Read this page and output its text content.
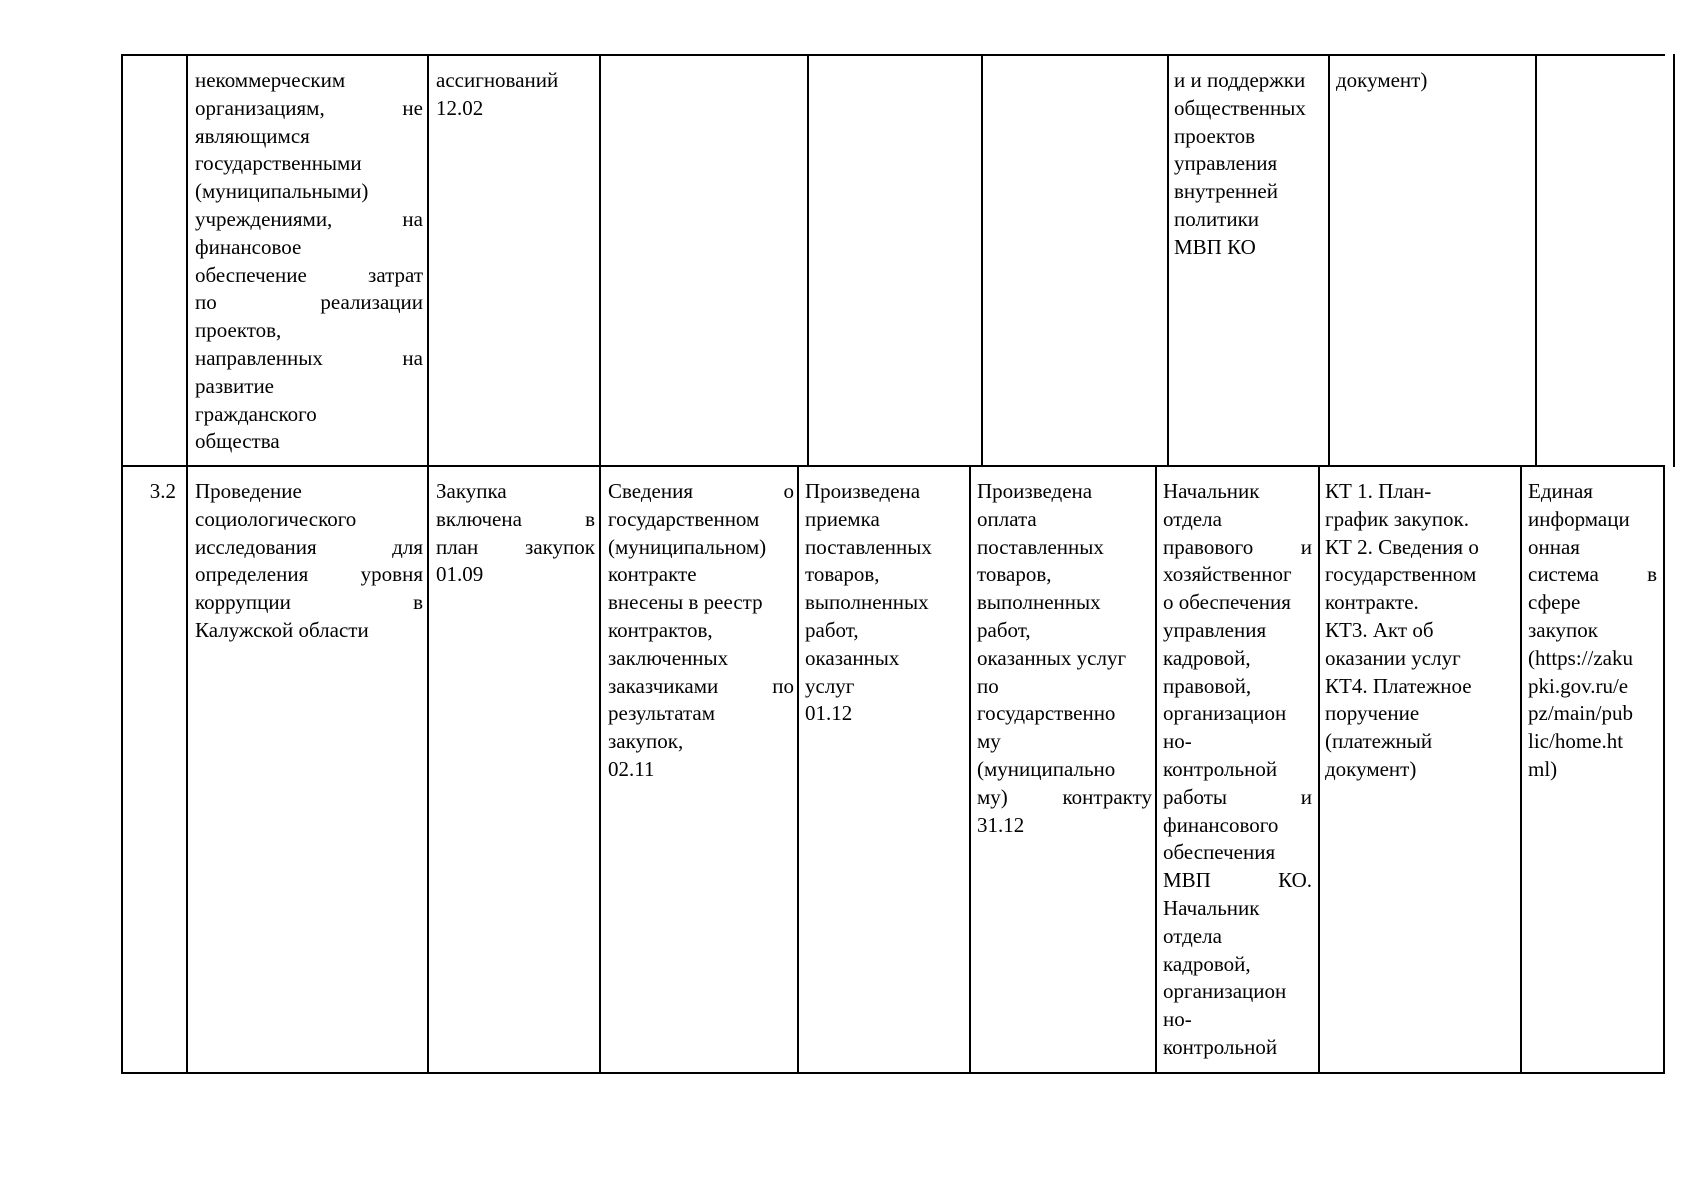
некоммерческим
организациям, не
являющимся
государственными
(муниципальными)
учреждениями, на
финансовое
обеспечение затрат
по реализации
проектов,
направленных на
развитие
гражданского
общества

ассигнований
12.02

и и поддержки
общественных
проектов
управления
внутренней
политики
МВП КО

документ)

3.2 Проведение
социологического
исследования для
определения уровня
коррупции в
Калужской области

Закупка
включена в
план закупок
01.09

Сведения о
государственном
(муниципальном)
контракте
внесены в реестр
контрактов,
заключенных
заказчиками по
результатам
закупок,
02.11

Произведена
приемка
поставленных
товаров,
выполненных
работ,
оказанных
услуг
01.12

Произведена
оплата
поставленных
товаров,
выполненных
работ,
оказанных услуг
по
государственно
му
(муниципально
му) контракту
31.12

Начальник
отдела
правового и
хозяйственног
о обеспечения
управления
кадровой,
правовой,
организацион
но-
контрольной
работы и
финансового
обеспечения
МВП КО.
Начальник
отдела
кадровой,
организацион
но-
контрольной

КТ 1. План-
график закупок.
КТ 2. Сведения о
государственном
контракте.
КТ3. Акт об
оказании услуг
КТ4. Платежное
поручение
(платежный
документ)

Единая
информаци
онная
система в
сфере
закупок
(https://zaku
pki.gov.ru/e
pz/main/pub
lic/home.ht
ml)
